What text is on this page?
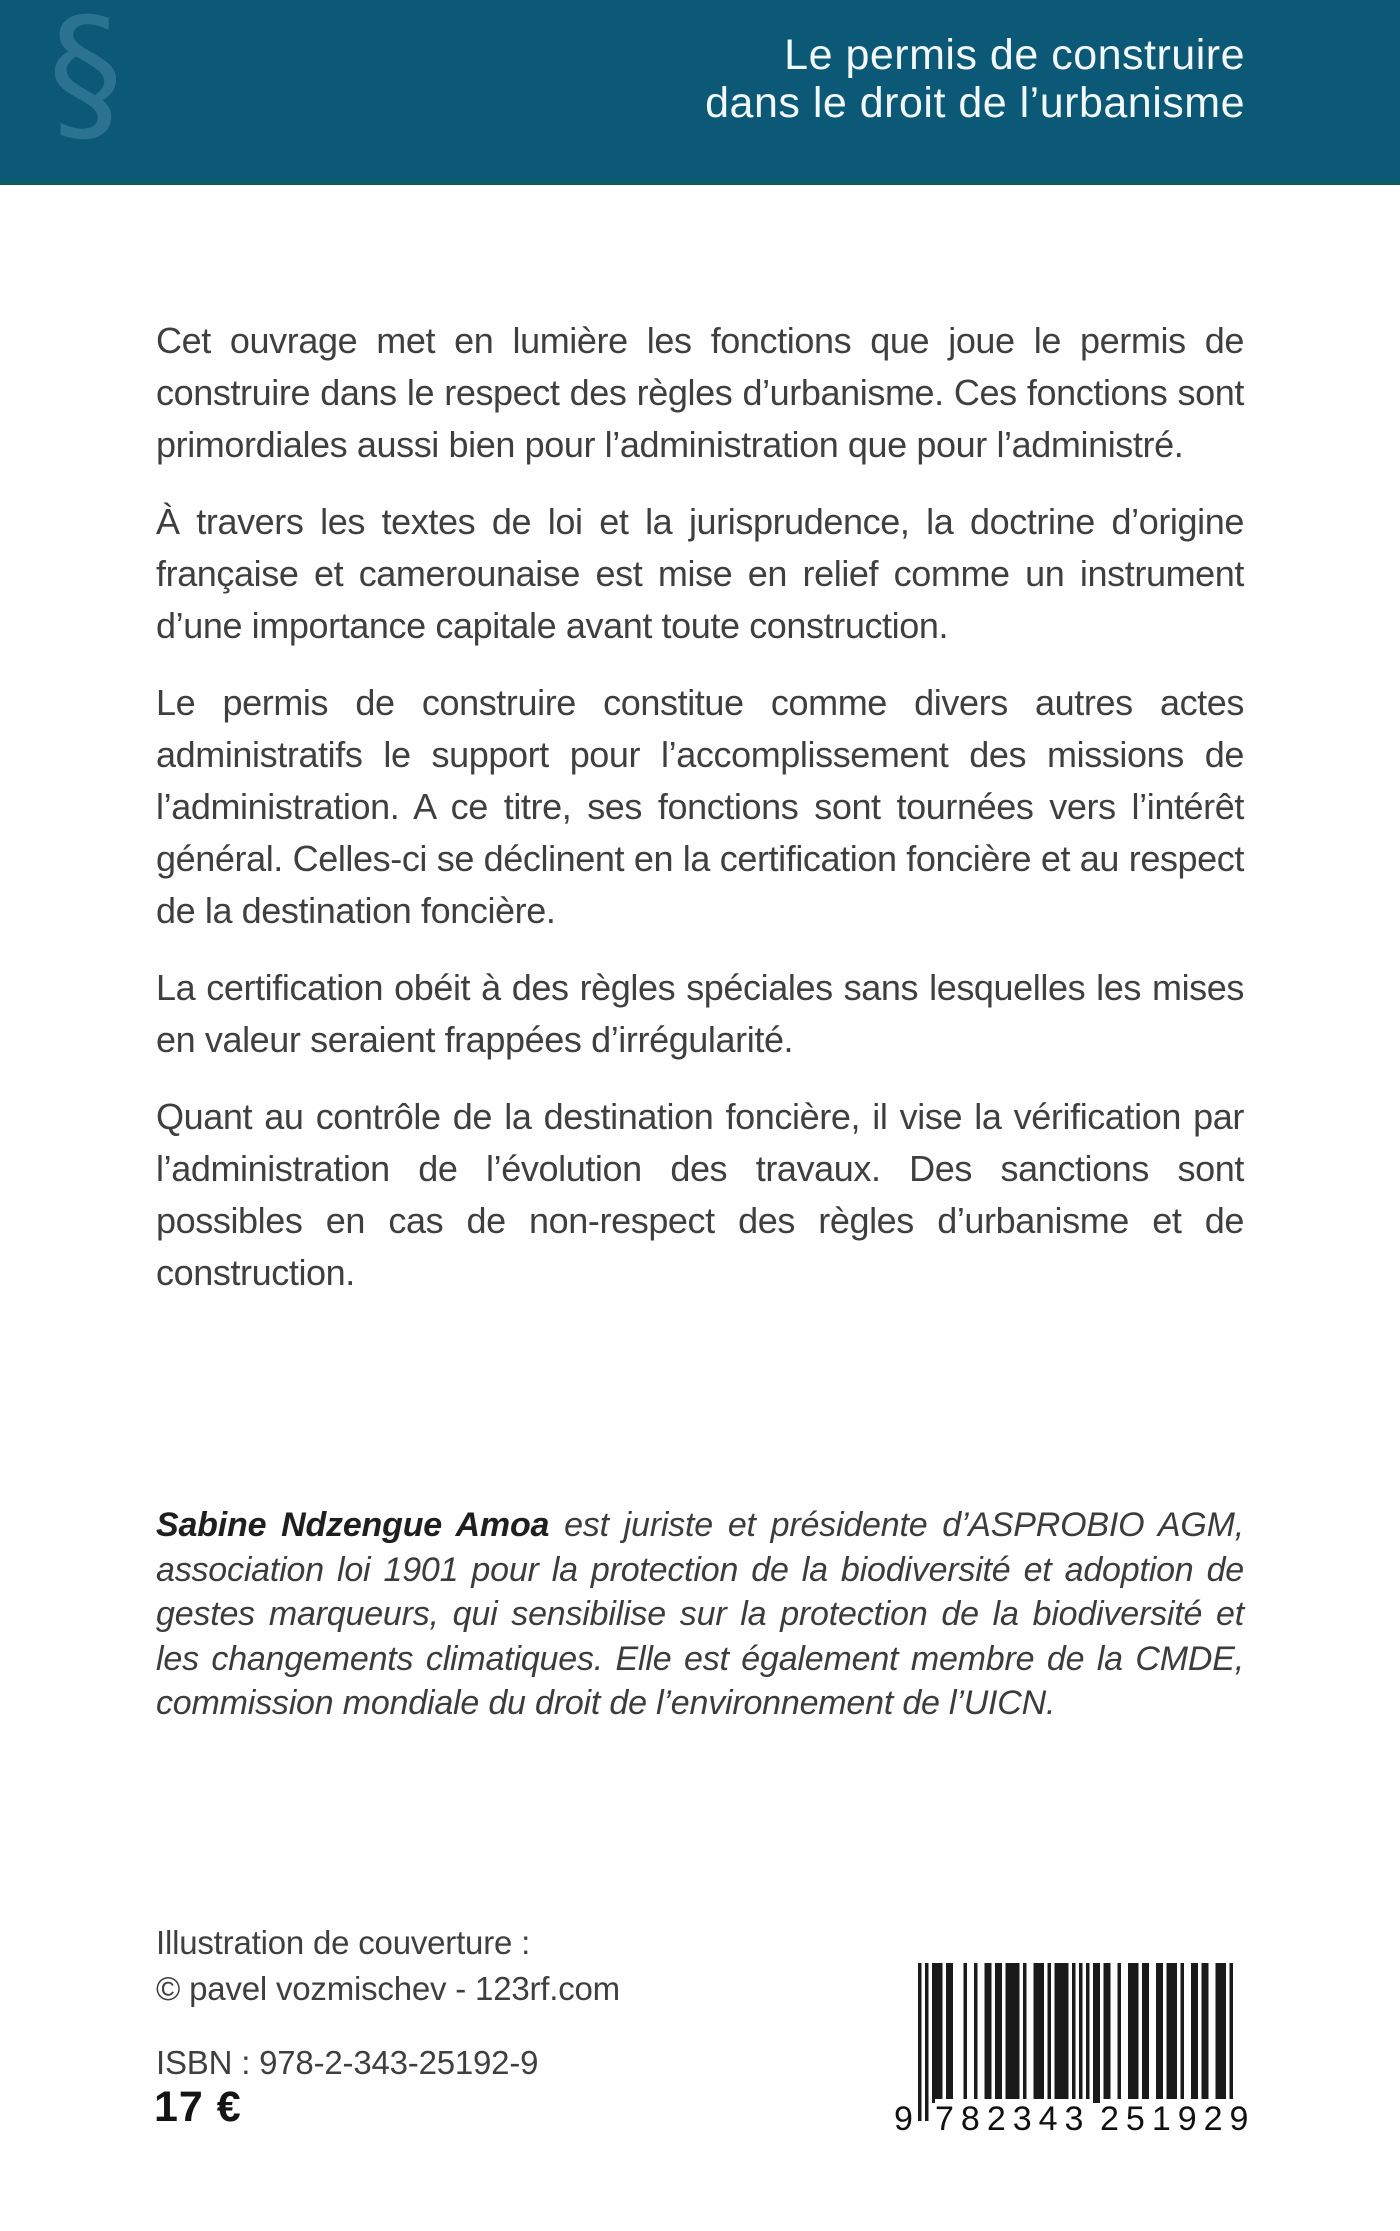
§	Le permis de construire
dans le droit de l’urbanisme

Cet ouvrage met en lumière les fonctions que joue le permis de construire dans le respect des règles d’urbanisme. Ces fonctions sont primordiales aussi bien pour l’administration que pour l’administré.

À travers les textes de loi et la jurisprudence, la doctrine d’origine française et camerounaise est mise en relief comme un instrument d’une importance capitale avant toute construction.

Le permis de construire constitue comme divers autres actes administratifs le support pour l’accomplissement des missions de l’administration. A ce titre, ses fonctions sont tournées vers l’intérêt général. Celles-ci se déclinent en la certification foncière et au respect de la destination foncière.

La certification obéit à des règles spéciales sans lesquelles les mises en valeur seraient frappées d’irrégularité.

Quant au contrôle de la destination foncière, il vise la vérification par l’administration de l’évolution des travaux. Des sanctions sont possibles en cas de non-respect des règles d’urbanisme et de construction.

Sabine Ndzengue Amoa est juriste et présidente d’ASPROBIO AGM, association loi 1901 pour la protection de la biodiversité et adoption de gestes marqueurs, qui sensibilise sur la protection de la biodiversité et les changements climatiques. Elle est également membre de la CMDE, commission mondiale du droit de l’environnement de l’UICN.
Illustration de couverture :
© pavel vozmischev - 123rf.com
ISBN : 978-2-343-25192-9
17 €	9 782343 251929
